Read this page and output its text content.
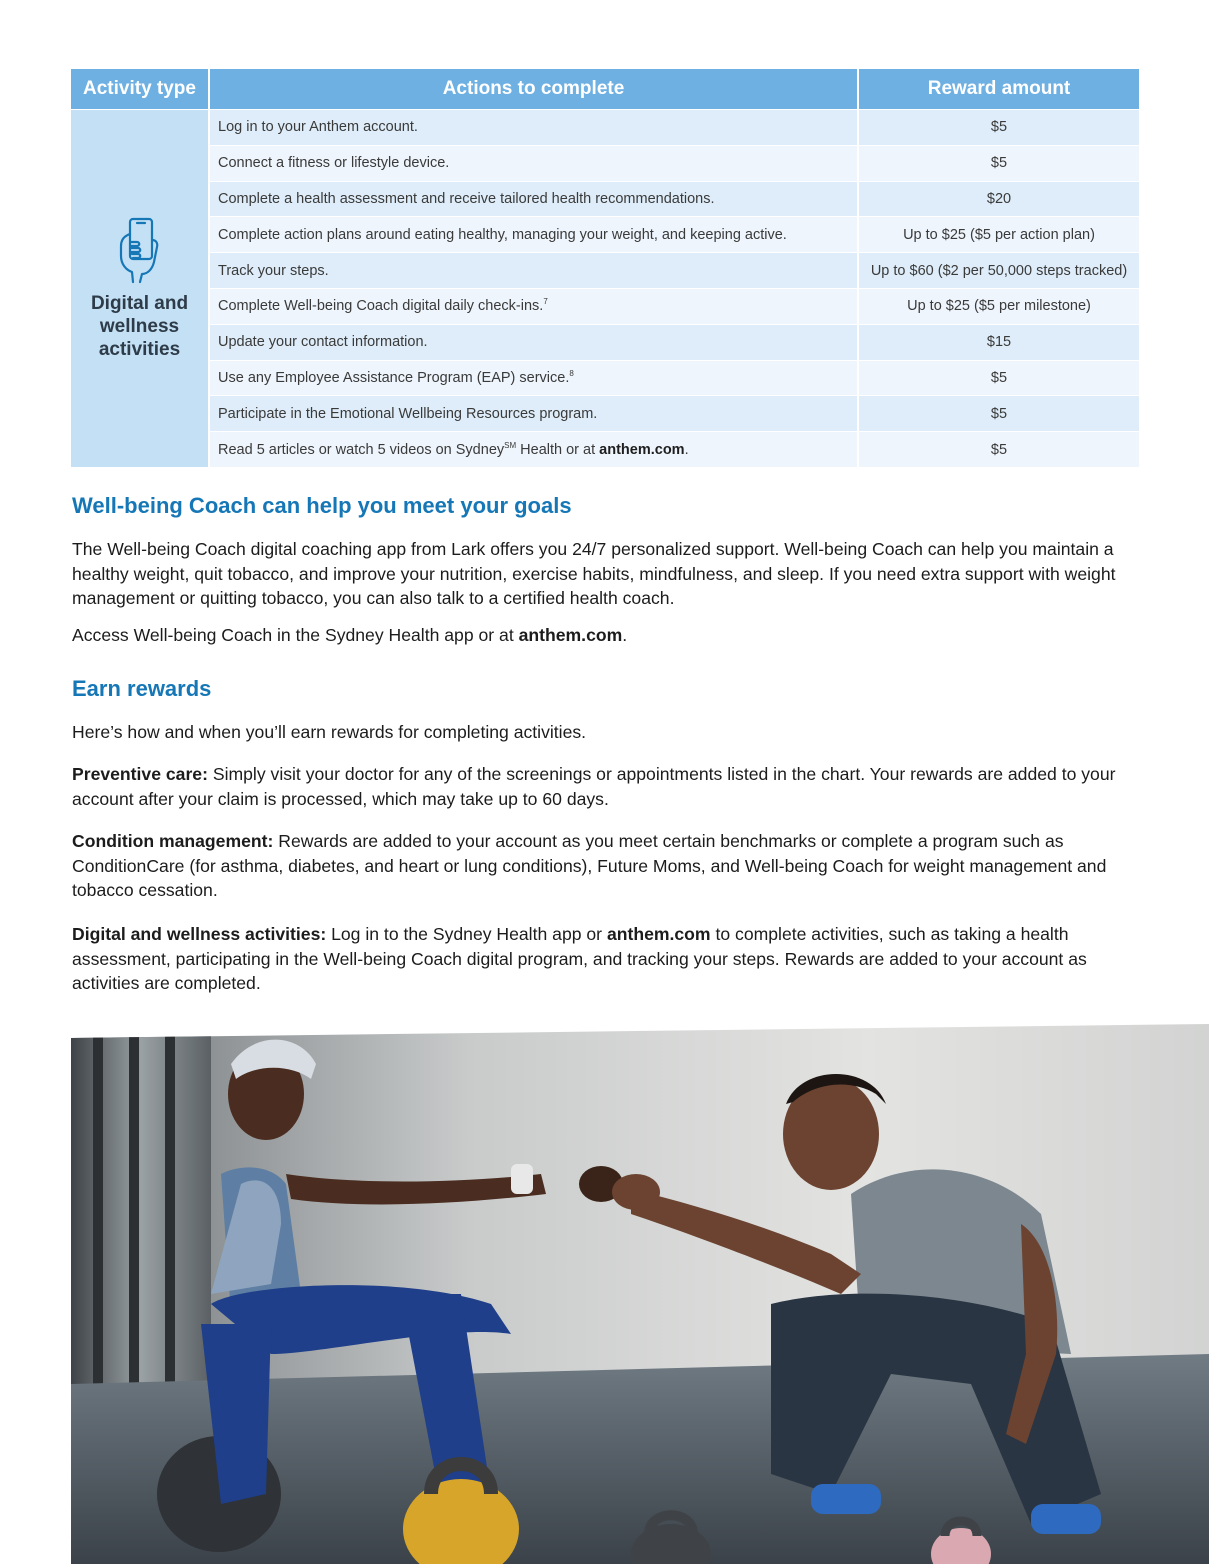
Activity type	Actions to complete	Reward amount

Digital and wellness activities	Log in to your Anthem account.	$5
	Connect a fitness or lifestyle device.	$5
	Complete a health assessment and receive tailored health recommendations.	$20
	Complete action plans around eating healthy, managing your weight, and keeping active.	Up to $25 ($5 per action plan)
	Track your steps.	Up to $60 ($2 per 50,000 steps tracked)
	Complete Well-being Coach digital daily check-ins.$^7$	Up to $25 ($5 per milestone)
	Update your contact information.	$15
	Use any Employee Assistance Program (EAP) service.$^8$	$5
	Participate in the Emotional Wellbeing Resources program.	$5
	Read 5 articles or watch 5 videos on Sydney℠ Health or at anthem.com.	$5
Well-being Coach can help you meet your goals

The Well-being Coach digital coaching app from Lark offers you 24/7 personalized support. Well-being Coach can help you maintain a healthy weight, quit tobacco, and improve your nutrition, exercise habits, mindfulness, and sleep. If you need extra support with weight management or quitting tobacco, you can also talk to a certified health coach.

Access Well-being Coach in the Sydney Health app or at anthem.com.

Earn rewards

Here’s how and when you’ll earn rewards for completing activities.

Preventive care: Simply visit your doctor for any of the screenings or appointments listed in the chart. Your rewards are added to your account after your claim is processed, which may take up to 60 days.

Condition management: Rewards are added to your account as you meet certain benchmarks or complete a program such as ConditionCare (for asthma, diabetes, and heart or lung conditions), Future Moms, and Well-being Coach for weight management and tobacco cessation.

Digital and wellness activities: Log in to the Sydney Health app or anthem.com to complete activities, such as taking a health assessment, participating in the Well-being Coach digital program, and tracking your steps. Rewards are added to your account as activities are completed.
